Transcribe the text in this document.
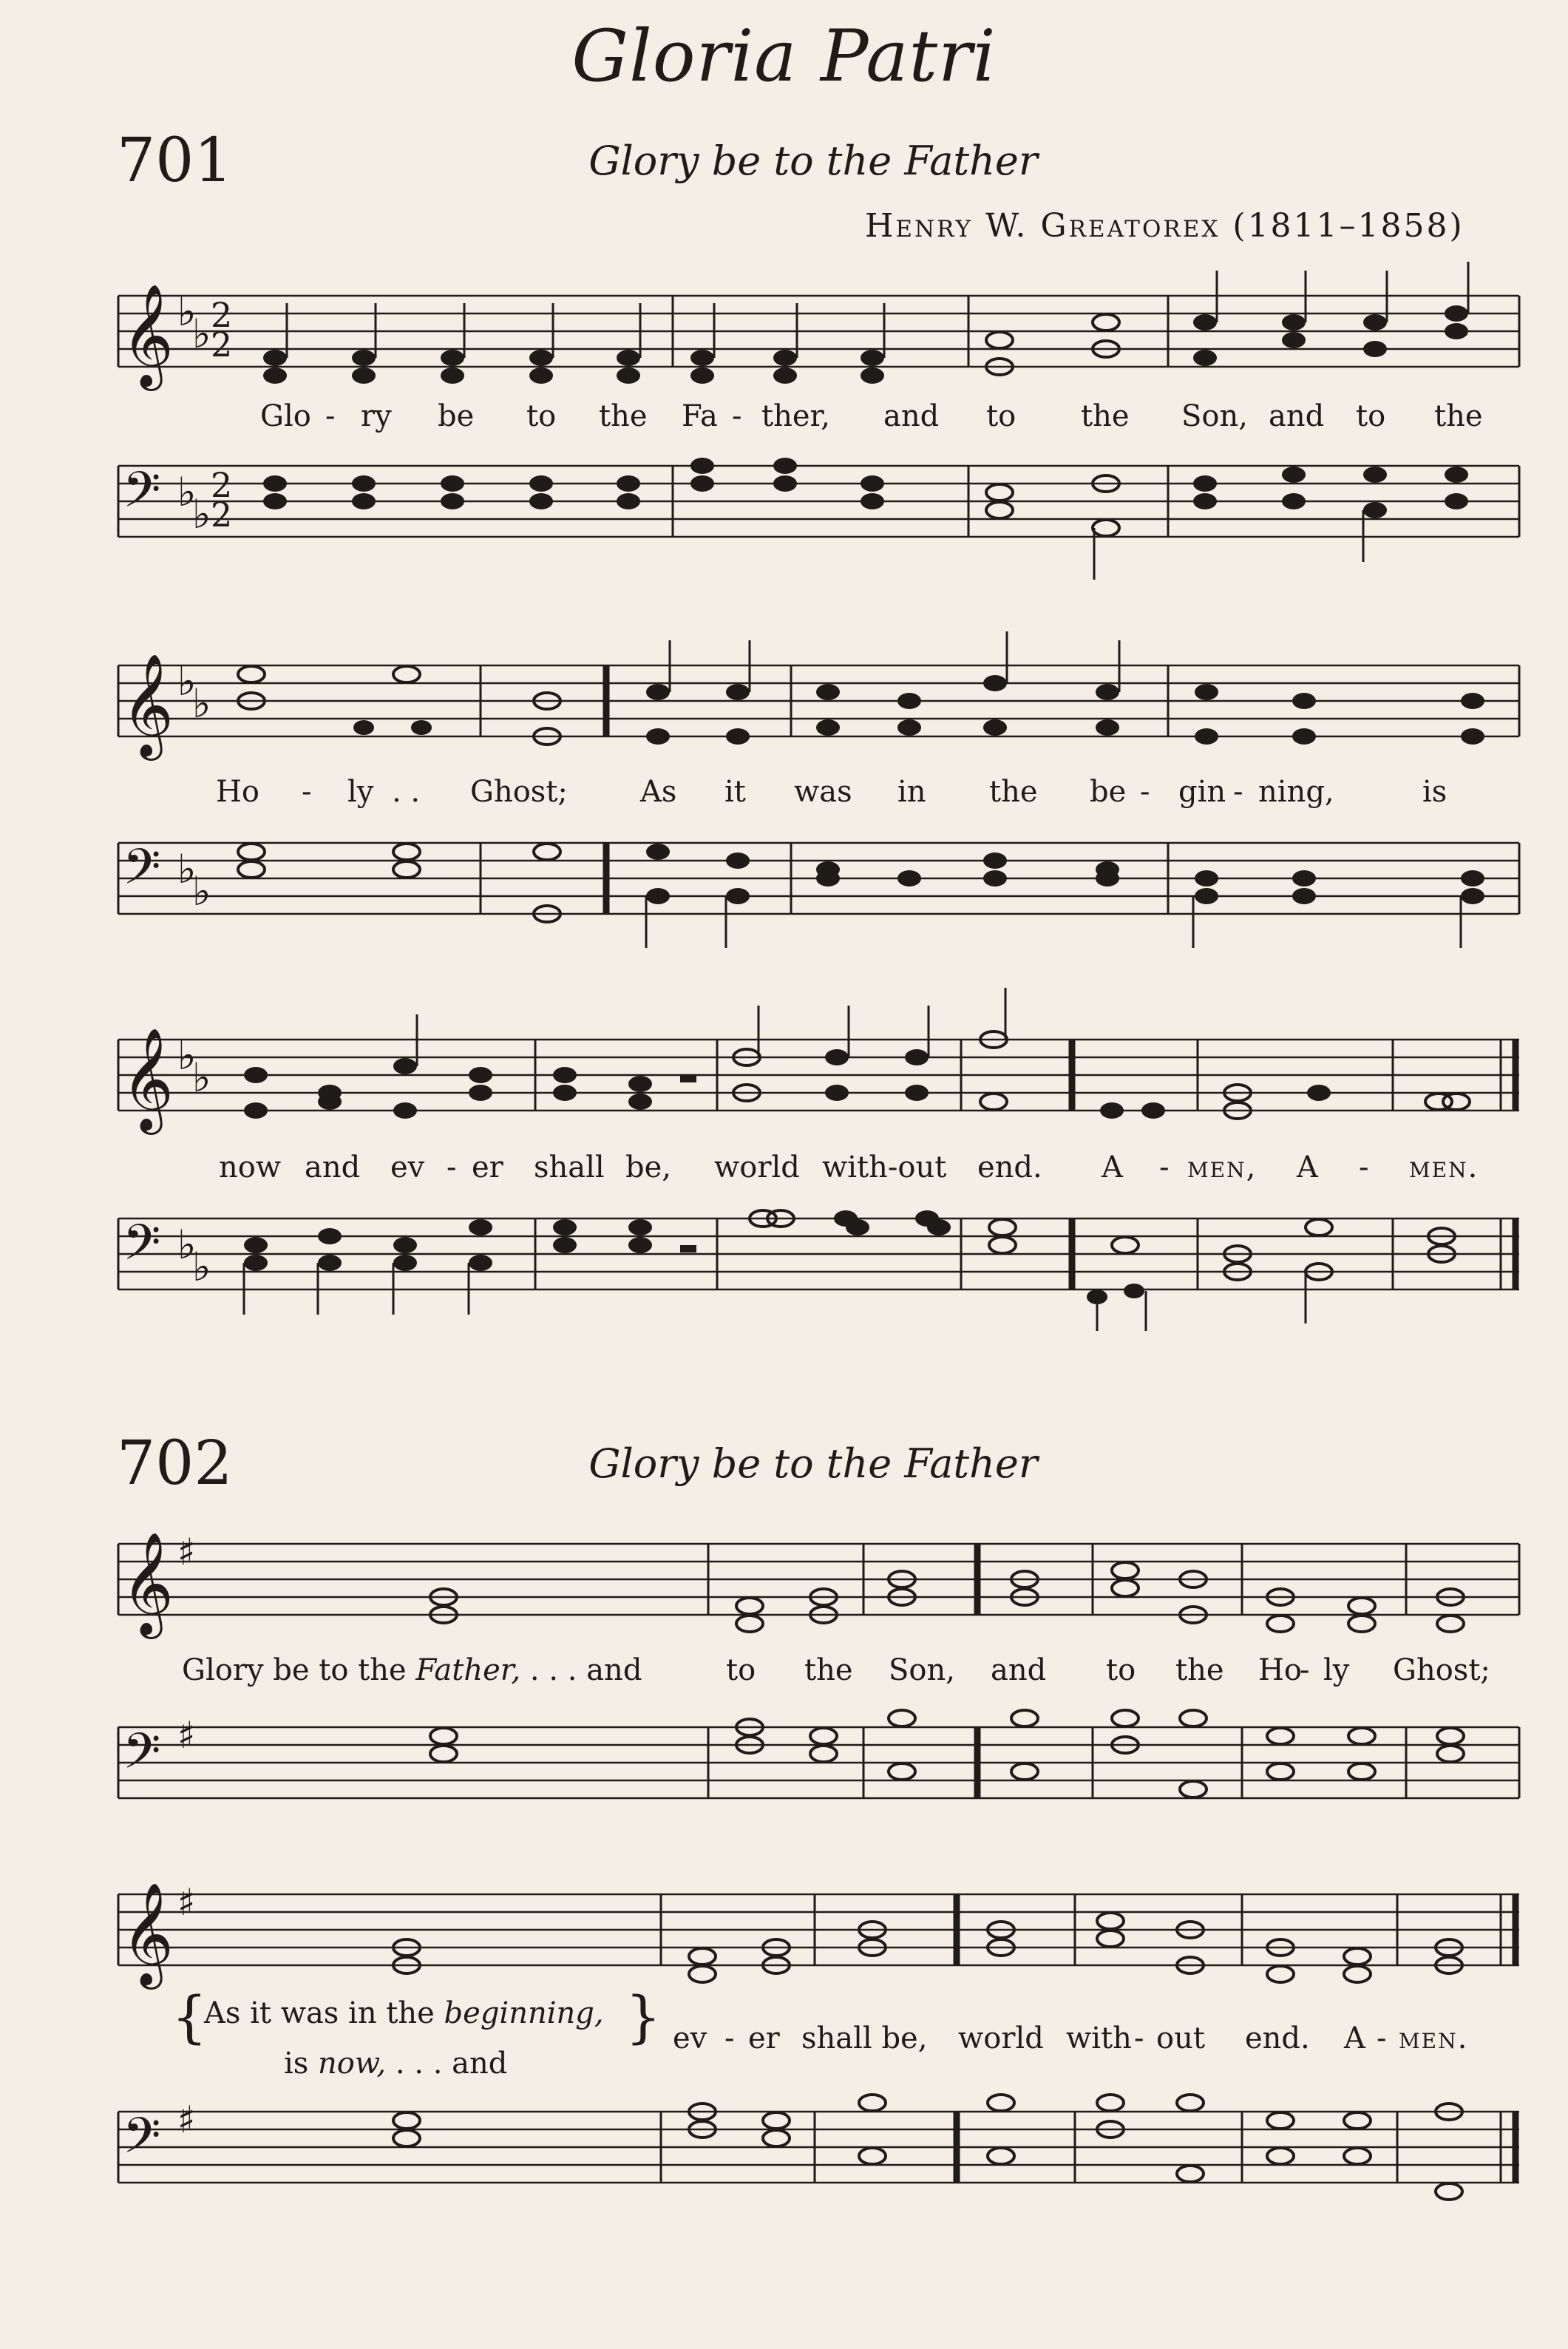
Gloria Patri
701	Glory be to the Father
Henry W. Greatorex (1811–1858)
𝄞 ♭
♭ 2
2
Glo - ry be to the Fa - ther, and to the Son, and to the
𝄢 ♭
♭
2
2
𝄞 ♭
♭
Ho - ly . . Ghost; As it was in the be - gin - ning,	is
𝄢 ♭
♭
𝄞 ♭
♭
now and ev - er shall be, world with-out end. A - men, A - men.
𝄢 ♭
♭
702	Glory be to the Father
𝄞 ♯
Glory be to the Father, . . . and	to the Son, and to the Ho
- ly Ghost;
𝄢 ♯
𝄞 ♯
{
As it was in the beginning,
is now, . . . and
} ev - er shall be, world with - out end. A - men.
𝄢 ♯
